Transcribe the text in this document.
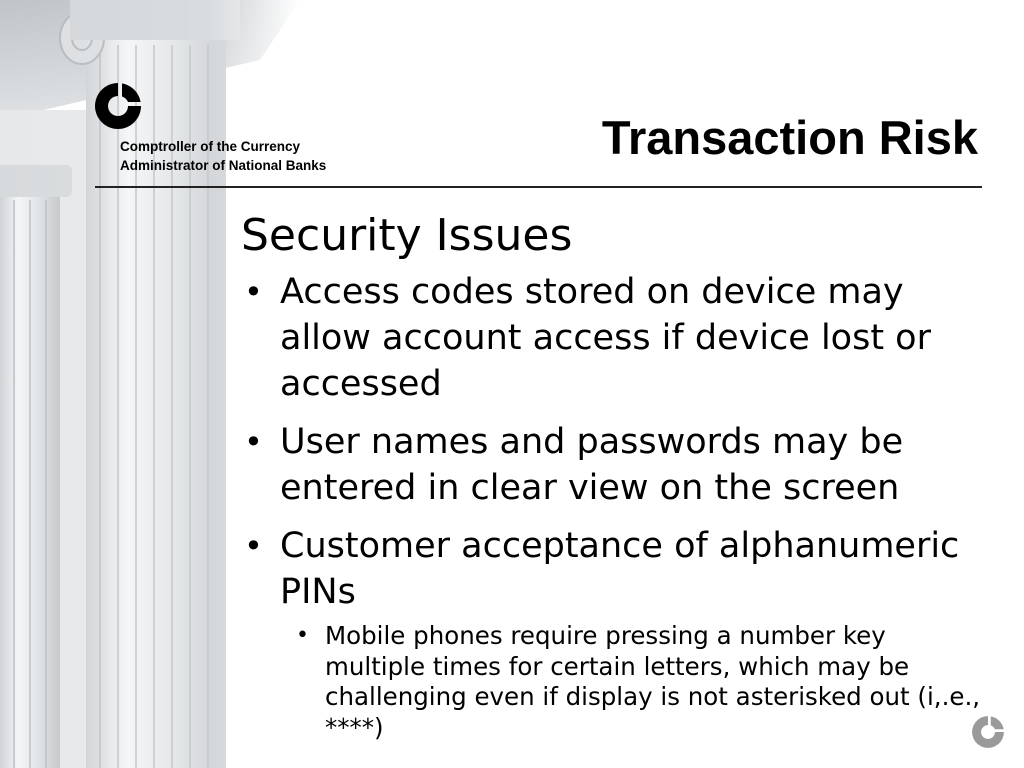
Comptroller of the Currency
Administrator of National Banks
Transaction Risk
Security Issues
• Access codes stored on device may allow account access if device lost or accessed
• User names and passwords may be entered in clear view on the screen
• Customer acceptance of alphanumeric PINs
• Mobile phones require pressing a number key multiple times for certain letters, which may be challenging even if display is not asterisked out (i,.e., ****)
